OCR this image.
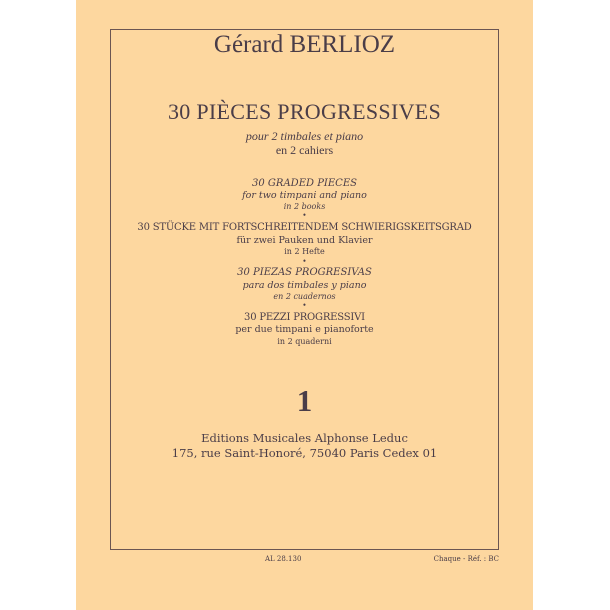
Gérard BERLIOZ
30 PIÈCES PROGRESSIVES
pour 2 timbales et piano
en 2 cahiers
30 GRADED PIECES
for two timpani and piano
in 2 books
•
30 STÜCKE MIT FORTSCHREITENDEM SCHWIERIGSKEITSGRAD
für zwei Pauken und Klavier
in 2 Hefte
•
30 PIEZAS PROGRESIVAS
para dos timbales y piano
en 2 cuadernos
•
30 PEZZI PROGRESSIVI
per due timpani e pianoforte
in 2 quaderni
1
Editions Musicales Alphonse Leduc
175, rue Saint-Honoré, 75040 Paris Cedex 01
AL 28.130	Chaque - Réf. : BC
